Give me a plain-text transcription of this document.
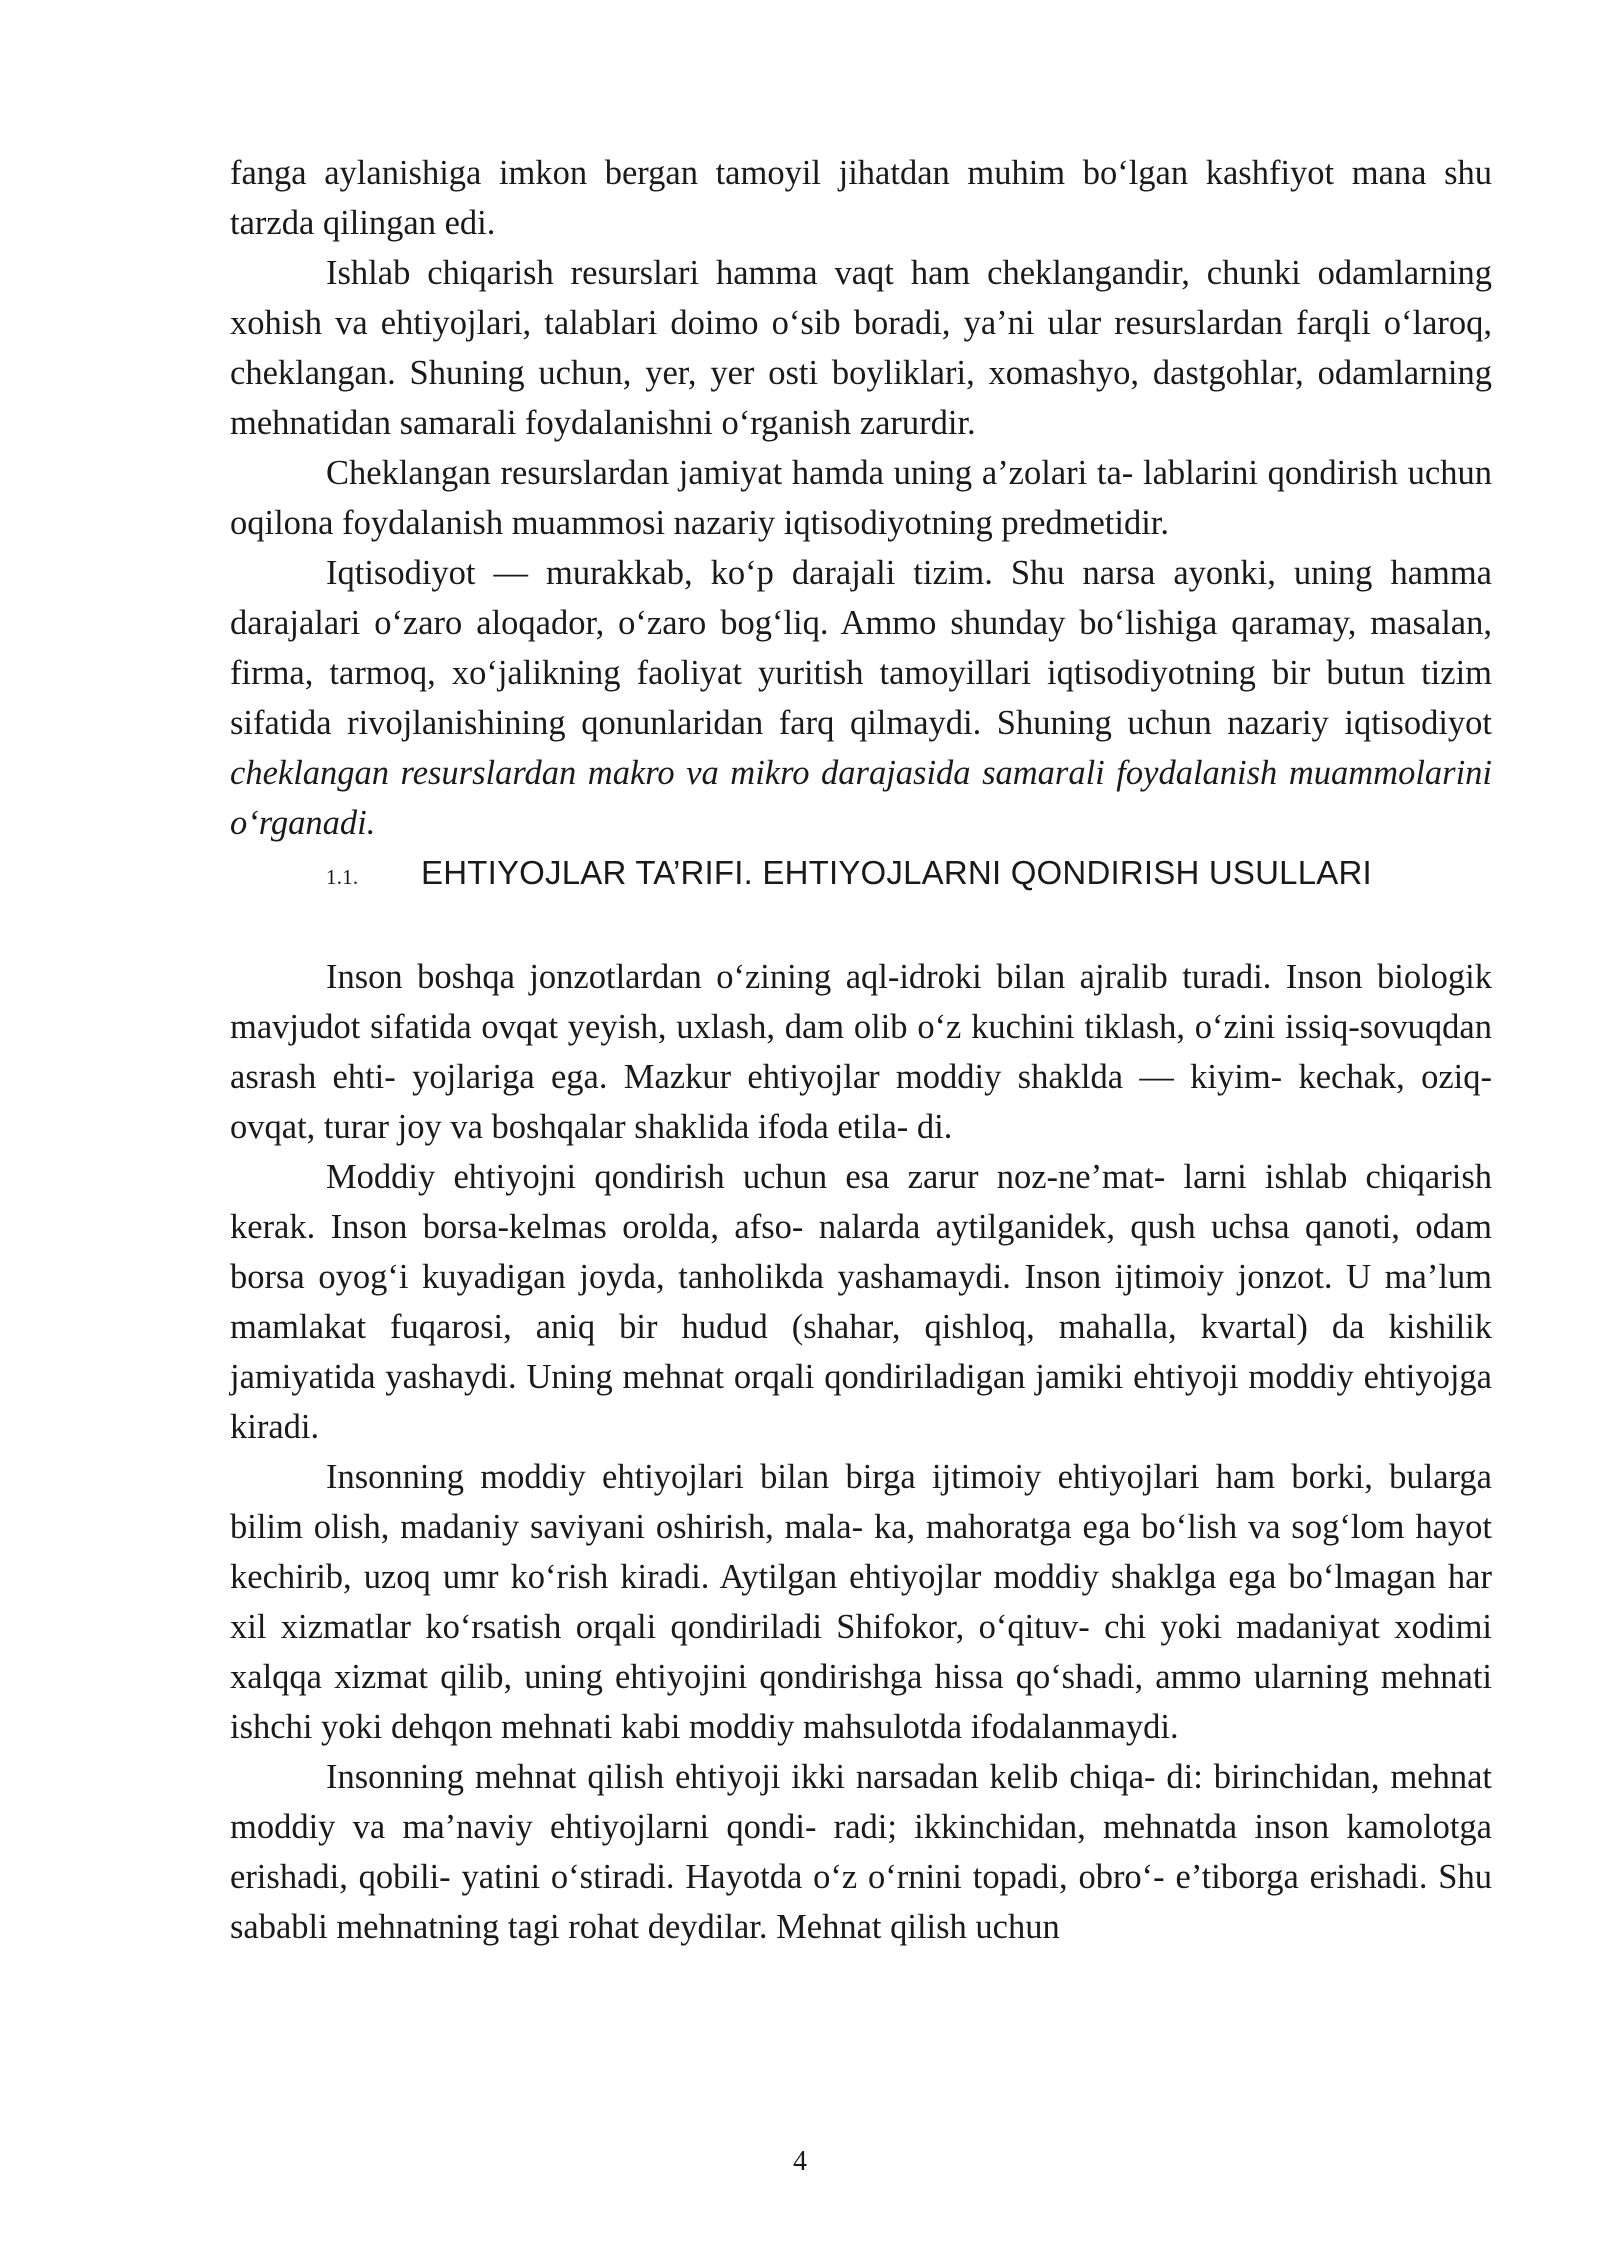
fanga aylanishiga imkon bergan tamoyil jihatdan muhim bo‘lgan kashfiyot mana shu tarzda qilingan edi.

Ishlab chiqarish resurslari hamma vaqt ham cheklangandir, chunki odamlarning xohish va ehtiyojlari, talablari doimo o‘sib boradi, ya’ni ular resurslardan farqli o‘laroq, cheklangan. Shuning uchun, yer, yer osti boyliklari, xomashyo, dastgohlar, odamlarning mehnatidan samarali foydalanishni o‘rganish zarurdir.

Cheklangan resurslardan jamiyat hamda uning a’zolari ta- lablarini qondirish uchun oqilona foydalanish muammosi nazariy iqtisodiyotning predmetidir.

Iqtisodiyot — murakkab, ko‘p darajali tizim. Shu narsa ayonki, uning hamma darajalari o‘zaro aloqador, o‘zaro bog‘liq. Ammo shunday bo‘lishiga qaramay, masalan, firma, tarmoq, xo‘jalikning faoliyat yuritish tamoyillari iqtisodiyotning bir butun tizim sifatida rivojlanishining qonunlaridan farq qilmaydi. Shuning uchun nazariy iqtisodiyot cheklangan resurslardan makro va mikro darajasida samarali foydalanish muammolarini o‘rganadi.

1.1. EHTIYOJLAR TA’RIFI. EHTIYOJLARNI QONDIRISH USULLARI

Inson boshqa jonzotlardan o‘zining aql-idroki bilan ajralib turadi. Inson biologik mavjudot sifatida ovqat yeyish, uxlash, dam olib o‘z kuchini tiklash, o‘zini issiq-sovuqdan asrash ehti- yojlariga ega. Mazkur ehtiyojlar moddiy shaklda — kiyim- kechak, oziq-ovqat, turar joy va boshqalar shaklida ifoda etila- di.

Moddiy ehtiyojni qondirish uchun esa zarur noz-ne’mat- larni ishlab chiqarish kerak. Inson borsa-kelmas orolda, afso- nalarda aytilganidek, qush uchsa qanoti, odam borsa oyog‘i kuyadigan joyda, tanholikda yashamaydi. Inson ijtimoiy jonzot. U ma’lum mamlakat fuqarosi, aniq bir hudud (shahar, qishloq, mahalla, kvartal) da kishilik jamiyatida yashaydi. Uning mehnat orqali qondiriladigan jamiki ehtiyoji moddiy ehtiyojga kiradi.

Insonning moddiy ehtiyojlari bilan birga ijtimoiy ehtiyojlari ham borki, bularga bilim olish, madaniy saviyani oshirish, mala- ka, mahoratga ega bo‘lish va sog‘lom hayot kechirib, uzoq umr ko‘rish kiradi. Aytilgan ehtiyojlar moddiy shaklga ega bo‘lmagan har xil xizmatlar ko‘rsatish orqali qondiriladi Shifokor, o‘qituv- chi yoki madaniyat xodimi xalqqa xizmat qilib, uning ehtiyojini qondirishga hissa qo‘shadi, ammo ularning mehnati ishchi yoki dehqon mehnati kabi moddiy mahsulotda ifodalanmaydi.

Insonning mehnat qilish ehtiyoji ikki narsadan kelib chiqa- di: birinchidan, mehnat moddiy va ma’naviy ehtiyojlarni qondi- radi; ikkinchidan, mehnatda inson kamolotga erishadi, qobili- yatini o‘stiradi. Hayotda o‘z o‘rnini topadi, obro‘- e’tiborga erishadi. Shu sababli mehnatning tagi rohat deydilar. Mehnat qilish uchun

4
